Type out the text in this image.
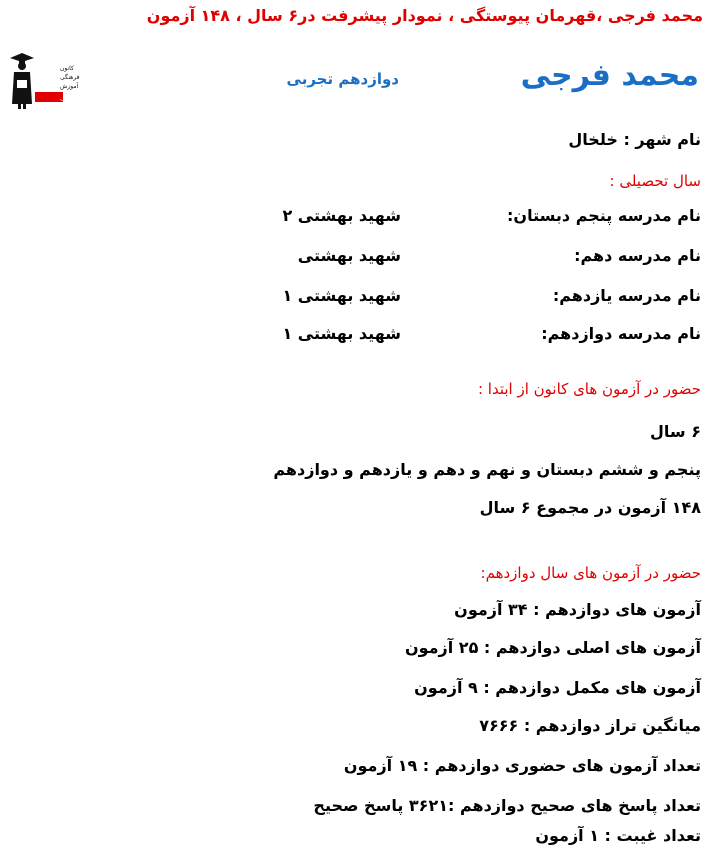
محمد فرجی ،قهرمان پیوستگی ، نمودار پیشرفت در۶ سال ، ۱۴۸ آزمون
کانون
فرهنگی
آموزش
قلم چی
محمد فرجی
دوازدهم تجربی
نام شهر : خلخال
سال تحصیلی :
نام مدرسه پنجم دبستان:
شهید بهشتی ۲
نام مدرسه دهم:
شهید بهشتی
نام مدرسه یازدهم:
شهید بهشتی ۱
نام مدرسه دوازدهم:
شهید بهشتی ۱
حضور در آزمون های کانون از ابتدا :
۶ سال
پنجم و ششم دبستان و نهم و دهم و یازدهم و دوازدهم
۱۴۸ آزمون در مجموع ۶ سال
حضور در آزمون های سال دوازدهم:
آزمون های دوازدهم : ۳۴ آزمون
آزمون های اصلی دوازدهم : ۲۵ آزمون
آزمون های مکمل دوازدهم : ۹ آزمون
میانگین تراز دوازدهم : ۷۶۶۶
تعداد آزمون های حضوری دوازدهم : ۱۹ آزمون
تعداد پاسخ های صحیح دوازدهم :۳۶۲۱ پاسخ صحیح
تعداد غیبت : ۱ آزمون
